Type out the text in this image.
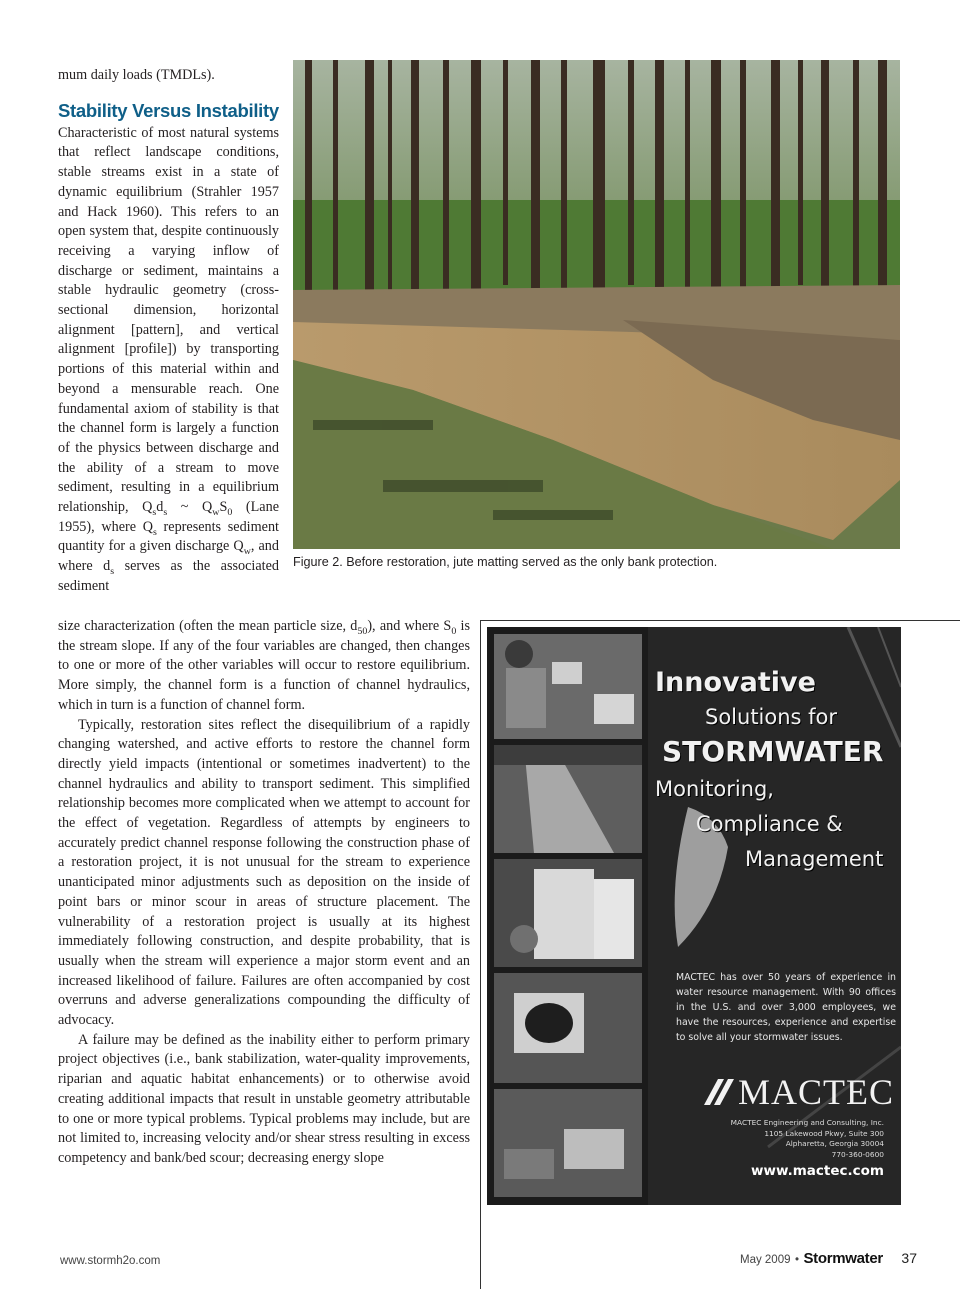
mum daily loads (TMDLs).

Stability Versus Instability

Characteristic of most natural systems that reflect landscape conditions, stable streams exist in a state of dynamic equilibrium (Strahler 1957 and Hack 1960). This refers to an open system that, despite continuously receiving a varying inflow of discharge or sediment, maintains a stable hydraulic geometry (cross-sectional dimension, horizontal alignment [pattern], and vertical alignment [profile]) by transporting portions of this material within and beyond a mensurable reach. One fundamental axiom of stability is that the channel form is largely a function of the physics between discharge and the ability of a stream to move sediment, resulting in a equilibrium relationship, $Q_sd_s$ ~ $Q_wS_0$ (Lane 1955), where $Q_s$ represents sediment quantity for a given discharge $Q_w$, and where $d_s$ serves as the associated sediment

size characterization (often the mean particle size, $d_{50}$), and where $S_0$ is the stream slope. If any of the four variables are changed, then changes to one or more of the other variables will occur to restore equilibrium. More simply, the channel form is a function of channel hydraulics, which in turn is a function of channel form.

Typically, restoration sites reflect the disequilibrium of a rapidly changing watershed, and active efforts to restore the channel form directly yield impacts (intentional or sometimes inadvertent) to the channel hydraulics and ability to transport sediment. This simplified relationship becomes more complicated when we attempt to account for the effect of vegetation. Regardless of attempts by engineers to accurately predict channel response following the construction phase of a restoration project, it is not unusual for the stream to experience unanticipated minor adjustments such as deposition on the inside of point bars or minor scour in areas of structure placement. The vulnerability of a restoration project is usually at its highest immediately following construction, and despite probability, that is usually when the stream will experience a major storm event and an increased likelihood of failure. Failures are often accompanied by cost overruns and adverse generalizations compounding the difficulty of advocacy.

A failure may be defined as the inability either to perform primary project objectives (i.e., bank stabilization, water-quality improvements, riparian and aquatic habitat enhancements) or to otherwise avoid creating additional impacts that result in unstable geometry attributable to one or more typical problems. Typical problems may include, but are not limited to, increasing velocity and/or shear stress resulting in excess competency and bank/bed scour; decreasing energy slope

Figure 2. Before restoration, jute matting served as the only bank protection.
Innovative
Solutions for
STORMWATER
Monitoring,
Compliance &
Management
MACTEC has over 50 years of experience in water resource management. With 90 offices in the U.S. and over 3,000 employees, we have the resources, experience and expertise to solve all your stormwater issues.
MACTEC
MACTEC Engineering and Consulting, Inc.
1105 Lakewood Pkwy, Suite 300
Alpharetta, Georgia 30004
770-360-0600
www.mactec.com
www.stormh2o.com	May 2009 • Stormwater 37
